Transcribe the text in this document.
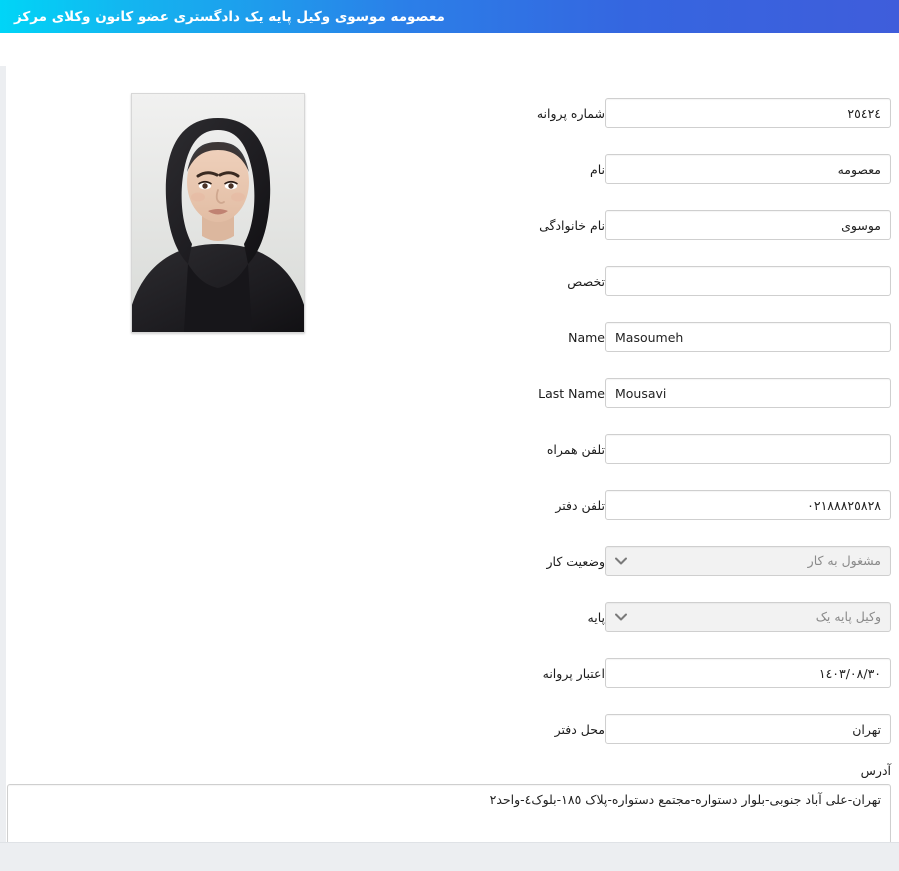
معصومه موسوی وکیل پایه یک دادگستری عضو کانون وکلای مرکز
٢٥٤٢٤
شماره پروانه
معصومه
نام
موسوی
نام خانوادگی
تخصص
Masoumeh
Name
Mousavi
Last Name
تلفن همراه
٠٢١٨٨٨٢٥٨٢٨
تلفن دفتر
مشغول به کار
وضعیت کار
وکیل پایه یک
پایه
١٤٠٣/٠٨/٣٠
اعتبار پروانه
تهران
محل دفتر
آدرس
تهران-علی آباد جنوبی-بلوار دستواره-مجتمع دستواره-پلاک ١٨٥-بلوک٤-واحد٢
